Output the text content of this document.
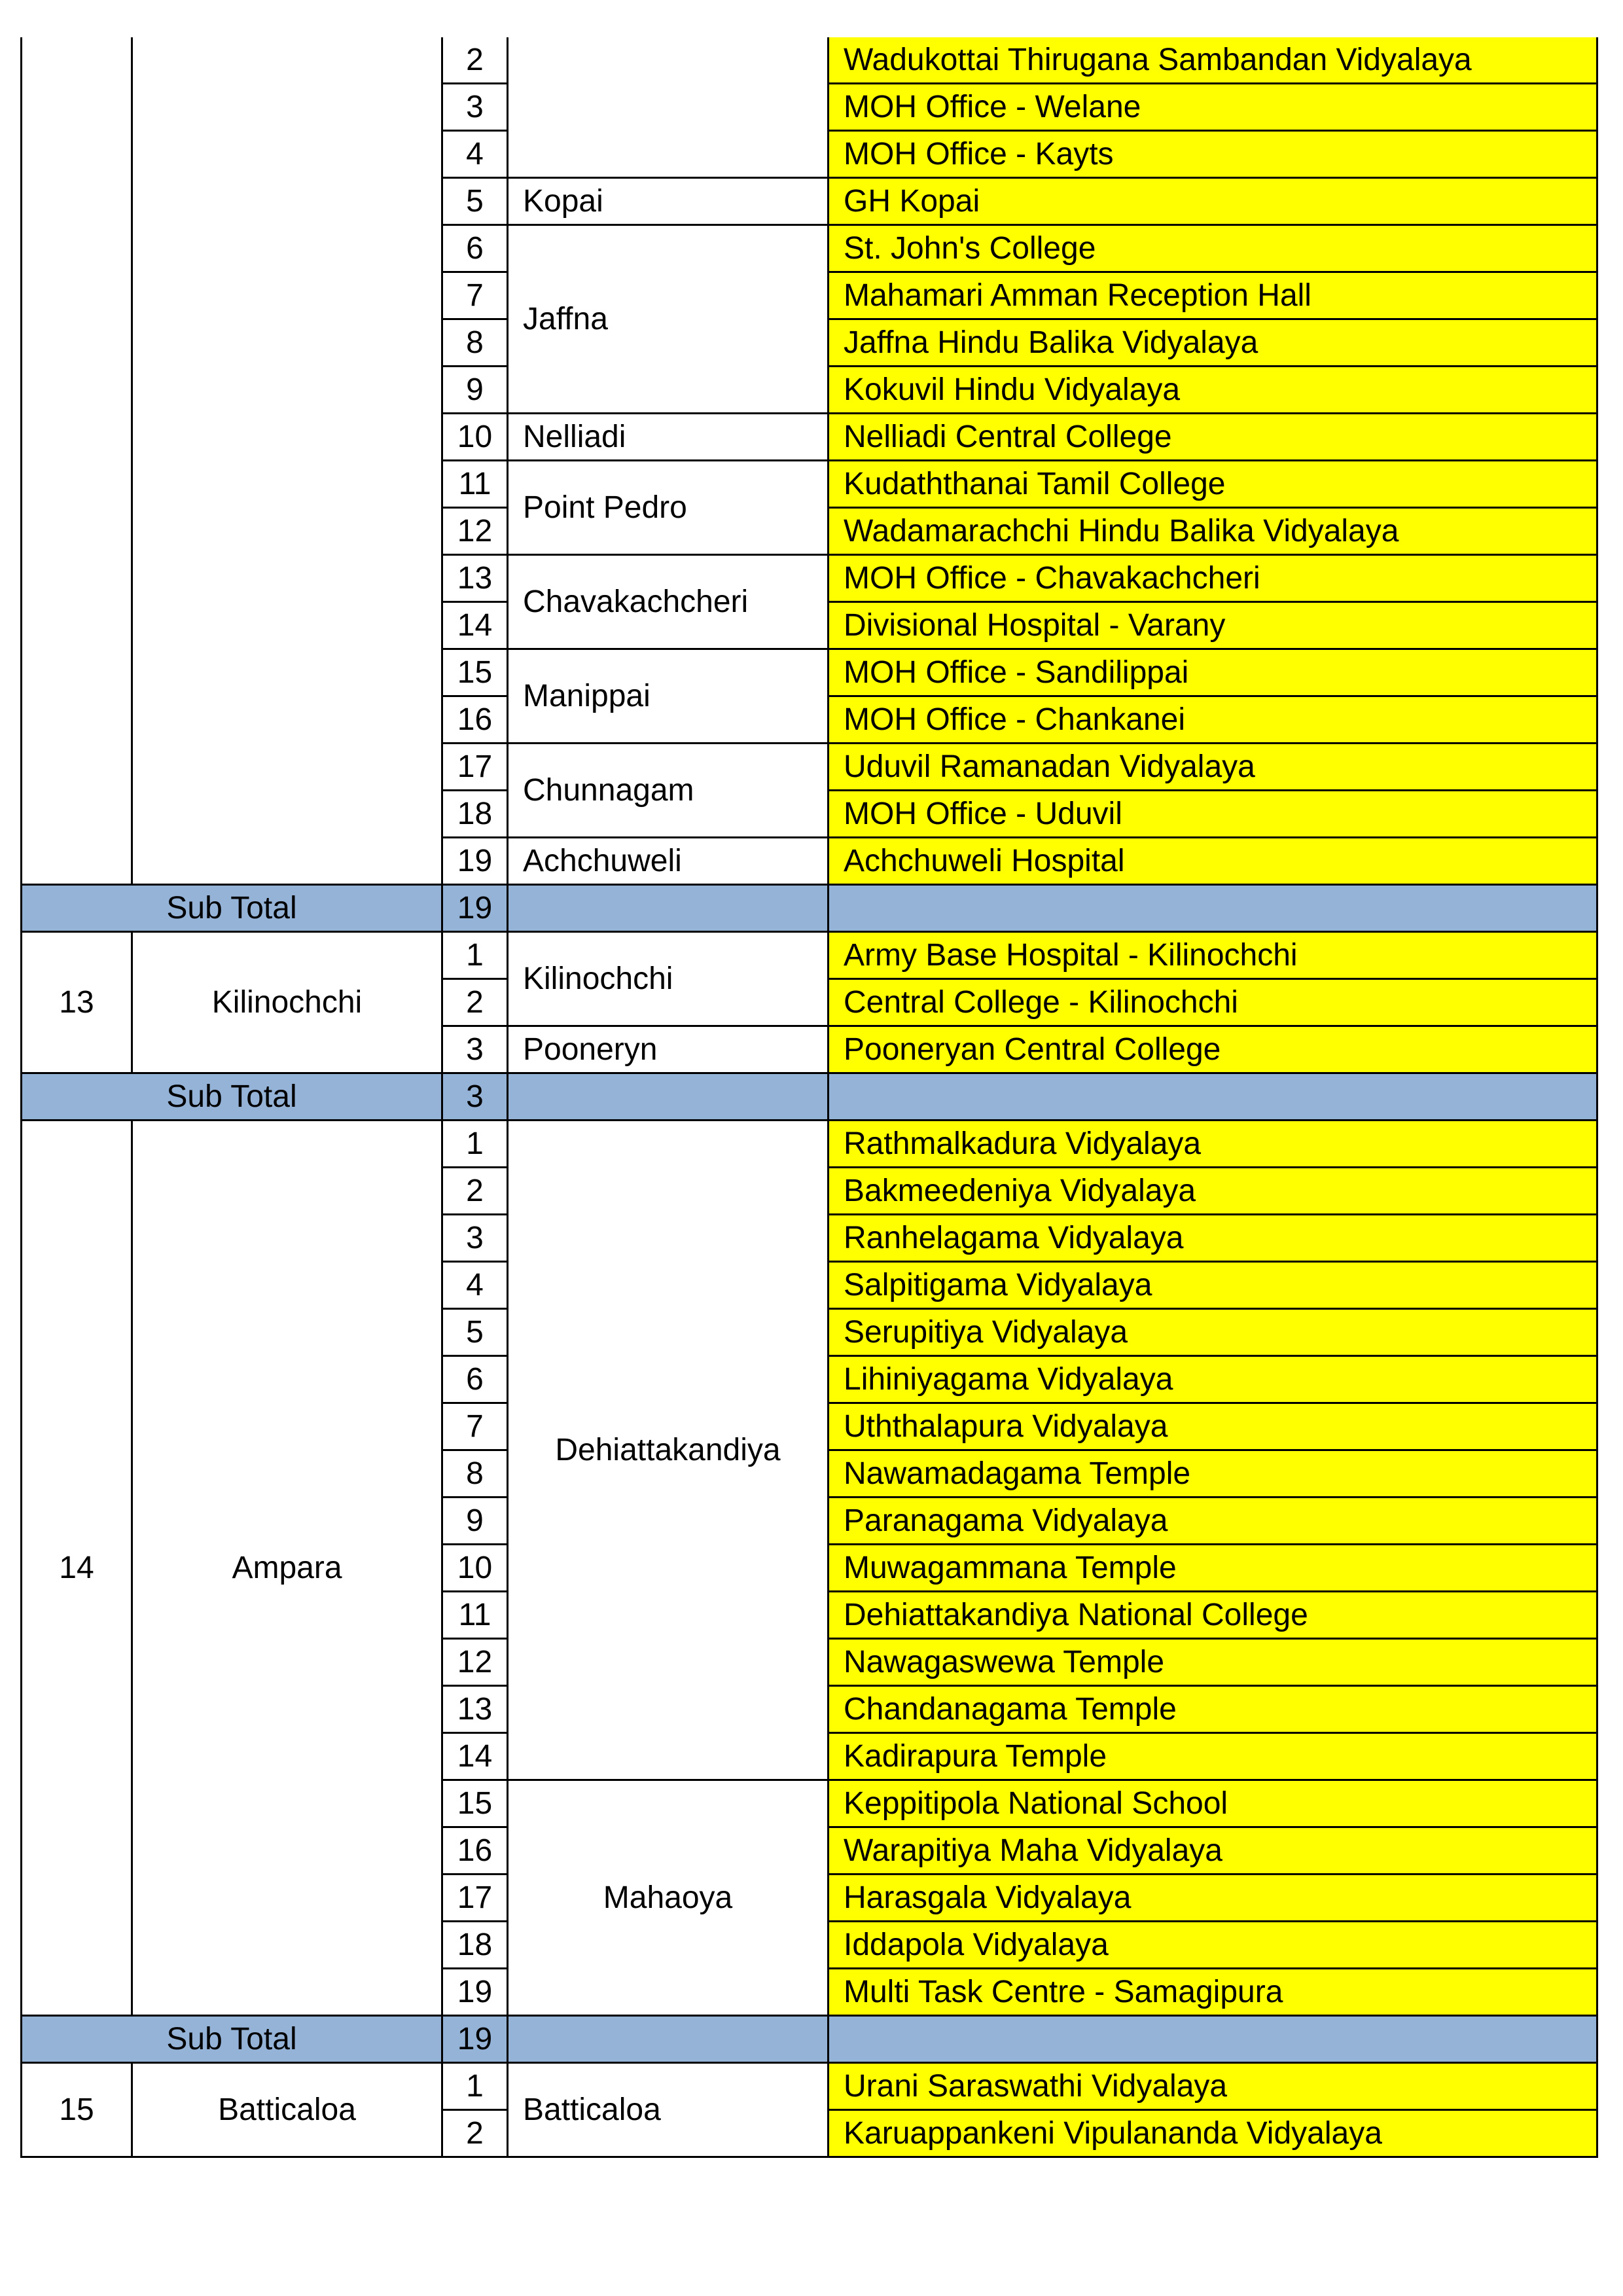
		2		Wadukottai Thirugana Sambandan Vidyalaya
		3		MOH Office - Welane
		4		MOH Office - Kayts
		5	Kopai	GH Kopai
		6	Jaffna	St. John's College
		7		Mahamari Amman Reception Hall
		8		Jaffna Hindu Balika Vidyalaya
		9		Kokuvil Hindu Vidyalaya
		10	Nelliadi	Nelliadi Central College
		11	Point Pedro	Kudaththanai Tamil College
		12		Wadamarachchi Hindu Balika Vidyalaya
		13	Chavakachcheri	MOH Office - Chavakachcheri
		14		Divisional Hospital - Varany
		15	Manippai	MOH Office - Sandilippai
		16		MOH Office - Chankanei
		17	Chunnagam	Uduvil Ramanadan Vidyalaya
		18		MOH Office - Uduvil
		19	Achchuweli	Achchuweli Hospital
Sub Total		19		
13	Kilinochchi	1	Kilinochchi	Army Base Hospital - Kilinochchi
		2		Central College - Kilinochchi
		3	Pooneryn	Pooneryan Central College
Sub Total		3		
14	Ampara	1	Dehiattakandiya	Rathmalkadura Vidyalaya
		2		Bakmeedeniya Vidyalaya
		3		Ranhelagama Vidyalaya
		4		Salpitigama Vidyalaya
		5		Serupitiya Vidyalaya
		6		Lihiniyagama Vidyalaya
		7		Uththalapura Vidyalaya
		8		Nawamadagama Temple
		9		Paranagama Vidyalaya
		10		Muwagammana Temple
		11		Dehiattakandiya National College
		12		Nawagaswewa Temple
		13		Chandanagama Temple
		14		Kadirapura Temple
		15	Mahaoya	Keppitipola National School
		16		Warapitiya Maha Vidyalaya
		17		Harasgala Vidyalaya
		18		Iddapola Vidyalaya
		19		Multi Task Centre - Samagipura
Sub Total		19		
15	Batticaloa	1	Batticaloa	Urani Saraswathi Vidyalaya
		2		Karuappankeni Vipulananda Vidyalaya
